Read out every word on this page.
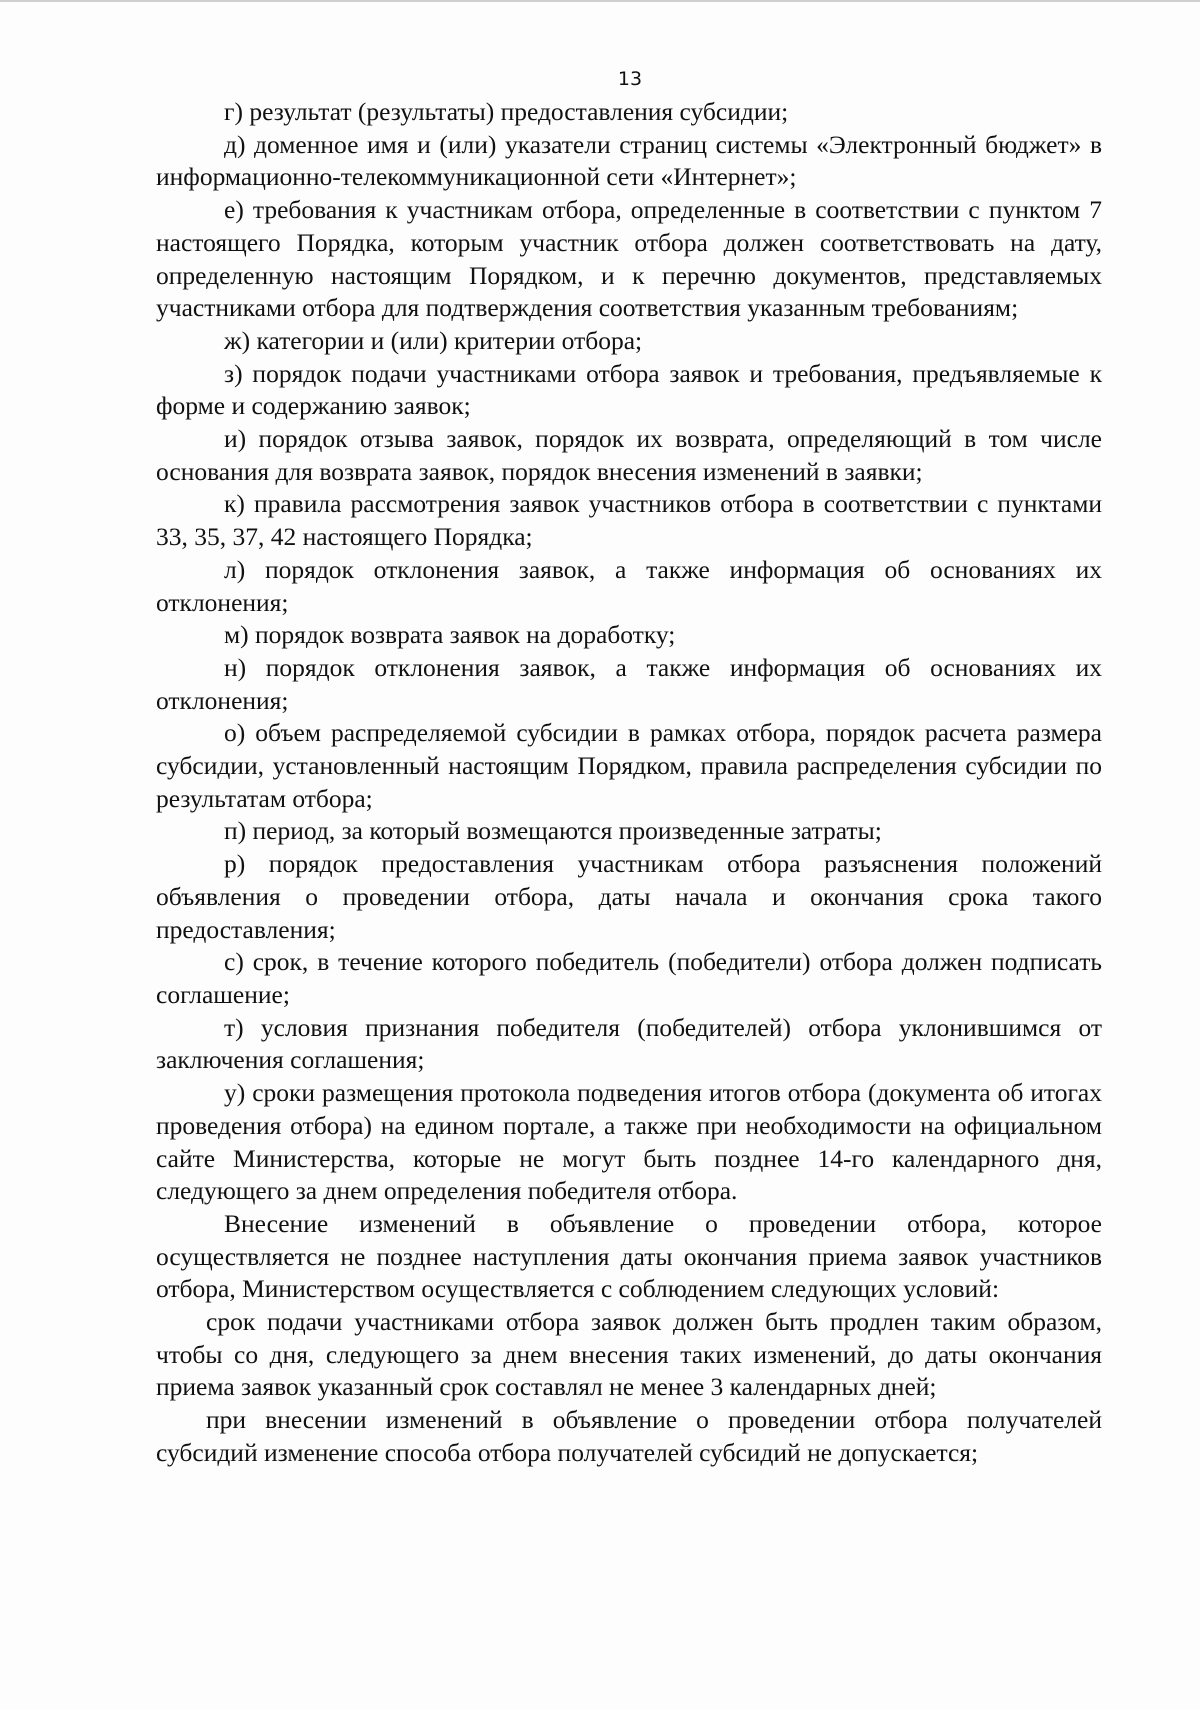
13

г) результат (результаты) предоставления субсидии;

д) доменное имя и (или) указатели страниц системы «Электронный бюджет» в информационно-телекоммуникационной сети «Интернет»;

е) требования к участникам отбора, определенные в соответствии с пунктом 7 настоящего Порядка, которым участник отбора должен соответствовать на дату, определенную настоящим Порядком, и к перечню документов, представляемых участниками отбора для подтверждения соответствия указанным требованиям;

ж) категории и (или) критерии отбора;

з) порядок подачи участниками отбора заявок и требования, предъявляемые к форме и содержанию заявок;

и) порядок отзыва заявок, порядок их возврата, определяющий в том числе основания для возврата заявок, порядок внесения изменений в заявки;

к) правила рассмотрения заявок участников отбора в соответствии с пунктами 33, 35, 37, 42 настоящего Порядка;

л) порядок отклонения заявок, а также информация об основаниях их отклонения;

м) порядок возврата заявок на доработку;

н) порядок отклонения заявок, а также информация об основаниях их отклонения;

о) объем распределяемой субсидии в рамках отбора, порядок расчета размера субсидии, установленный настоящим Порядком, правила распределения субсидии по результатам отбора;

п) период, за который возмещаются произведенные затраты;

р) порядок предоставления участникам отбора разъяснения положений объявления о проведении отбора, даты начала и окончания срока такого предоставления;

с) срок, в течение которого победитель (победители) отбора должен подписать соглашение;

т) условия признания победителя (победителей) отбора уклонившимся от заключения соглашения;

у) сроки размещения протокола подведения итогов отбора (документа об итогах проведения отбора) на едином портале, а также при необходимости на официальном сайте Министерства, которые не могут быть позднее 14-го календарного дня, следующего за днем определения победителя отбора.

Внесение изменений в объявление о проведении отбора, которое осуществляется не позднее наступления даты окончания приема заявок участников отбора, Министерством осуществляется с соблюдением следующих условий:

срок подачи участниками отбора заявок должен быть продлен таким образом, чтобы со дня, следующего за днем внесения таких изменений, до даты окончания приема заявок указанный срок составлял не менее 3 календарных дней;

при внесении изменений в объявление о проведении отбора получателей субсидий изменение способа отбора получателей субсидий не допускается;
